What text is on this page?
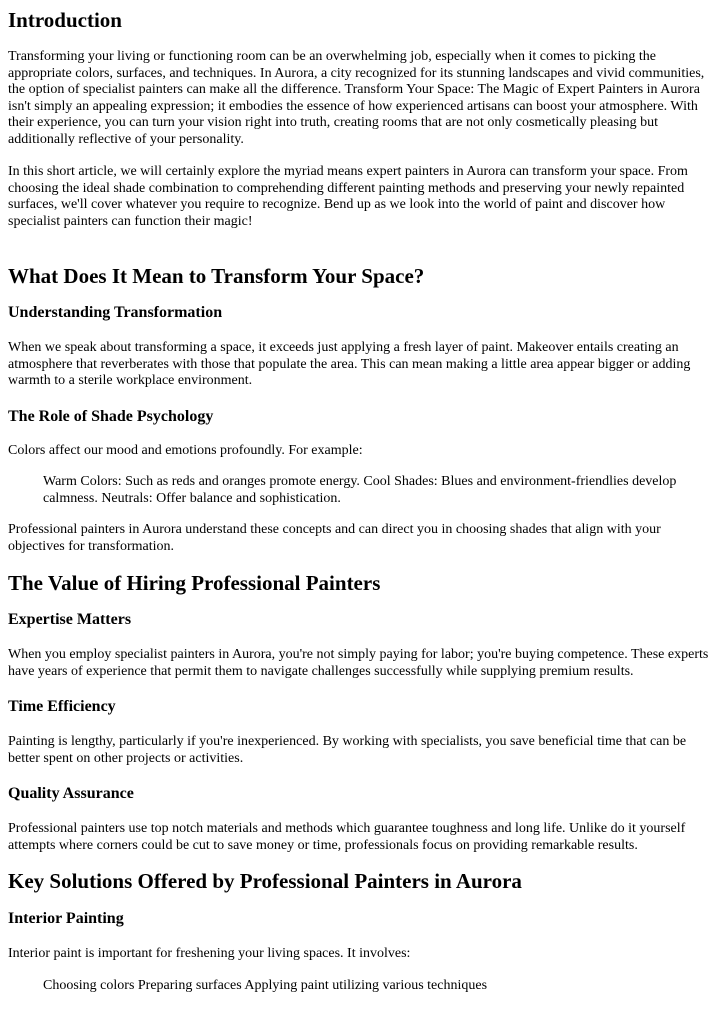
Introduction

Transforming your living or functioning room can be an overwhelming job, especially when it comes to picking the appropriate colors, surfaces, and techniques. In Aurora, a city recognized for its stunning landscapes and vivid communities, the option of specialist painters can make all the difference. Transform Your Space: The Magic of Expert Painters in Aurora isn't simply an appealing expression; it embodies the essence of how experienced artisans can boost your atmosphere. With their experience, you can turn your vision right into truth, creating rooms that are not only cosmetically pleasing but additionally reflective of your personality.

In this short article, we will certainly explore the myriad means expert painters in Aurora can transform your space. From choosing the ideal shade combination to comprehending different painting methods and preserving your newly repainted surfaces, we'll cover whatever you require to recognize. Bend up as we look into the world of paint and discover how specialist painters can function their magic!

What Does It Mean to Transform Your Space?
Understanding Transformation

When we speak about transforming a space, it exceeds just applying a fresh layer of paint. Makeover entails creating an atmosphere that reverberates with those that populate the area. This can mean making a little area appear bigger or adding warmth to a sterile workplace environment.

The Role of Shade Psychology

Colors affect our mood and emotions profoundly. For example:

Warm Colors: Such as reds and oranges promote energy. Cool Shades: Blues and environment-friendlies develop calmness. Neutrals: Offer balance and sophistication.

Professional painters in Aurora understand these concepts and can direct you in choosing shades that align with your objectives for transformation.

The Value of Hiring Professional Painters
Expertise Matters

When you employ specialist painters in Aurora, you're not simply paying for labor; you're buying competence. These experts have years of experience that permit them to navigate challenges successfully while supplying premium results.

Time Efficiency

Painting is lengthy, particularly if you're inexperienced. By working with specialists, you save beneficial time that can be better spent on other projects or activities.

Quality Assurance

Professional painters use top notch materials and methods which guarantee toughness and long life. Unlike do it yourself attempts where corners could be cut to save money or time, professionals focus on providing remarkable results.

Key Solutions Offered by Professional Painters in Aurora
Interior Painting

Interior paint is important for freshening your living spaces. It involves:

Choosing colors Preparing surfaces Applying paint utilizing various techniques
